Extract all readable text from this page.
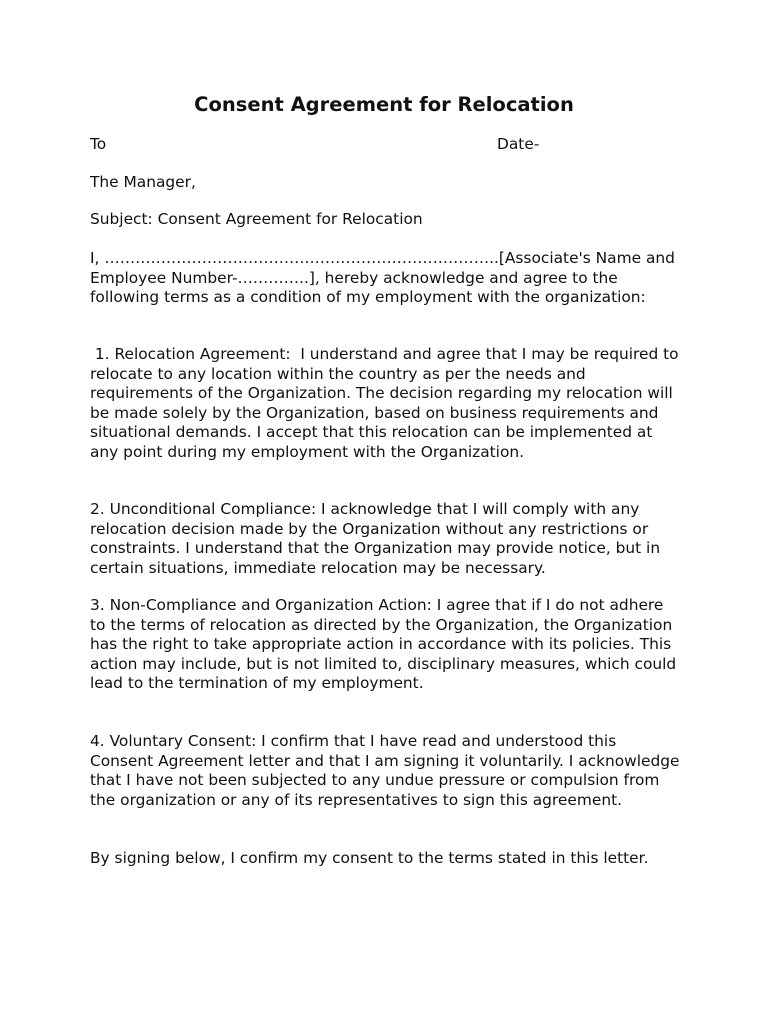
Consent Agreement for Relocation
To	Date-
The Manager,
Subject: Consent Agreement for Relocation

I, …………………………………………………………………..[Associate's Name and Employee Number-…………..], hereby acknowledge and agree to the following terms as a condition of my employment with the organization:

1. Relocation Agreement:  I understand and agree that I may be required to relocate to any location within the country as per the needs and requirements of the Organization. The decision regarding my relocation will be made solely by the Organization, based on business requirements and situational demands. I accept that this relocation can be implemented at any point during my employment with the Organization.

2. Unconditional Compliance: I acknowledge that I will comply with any relocation decision made by the Organization without any restrictions or constraints. I understand that the Organization may provide notice, but in certain situations, immediate relocation may be necessary.

3. Non-Compliance and Organization Action: I agree that if I do not adhere to the terms of relocation as directed by the Organization, the Organization has the right to take appropriate action in accordance with its policies. This action may include, but is not limited to, disciplinary measures, which could lead to the termination of my employment.

4. Voluntary Consent: I confirm that I have read and understood this Consent Agreement letter and that I am signing it voluntarily. I acknowledge that I have not been subjected to any undue pressure or compulsion from the organization or any of its representatives to sign this agreement.

By signing below, I confirm my consent to the terms stated in this letter.
